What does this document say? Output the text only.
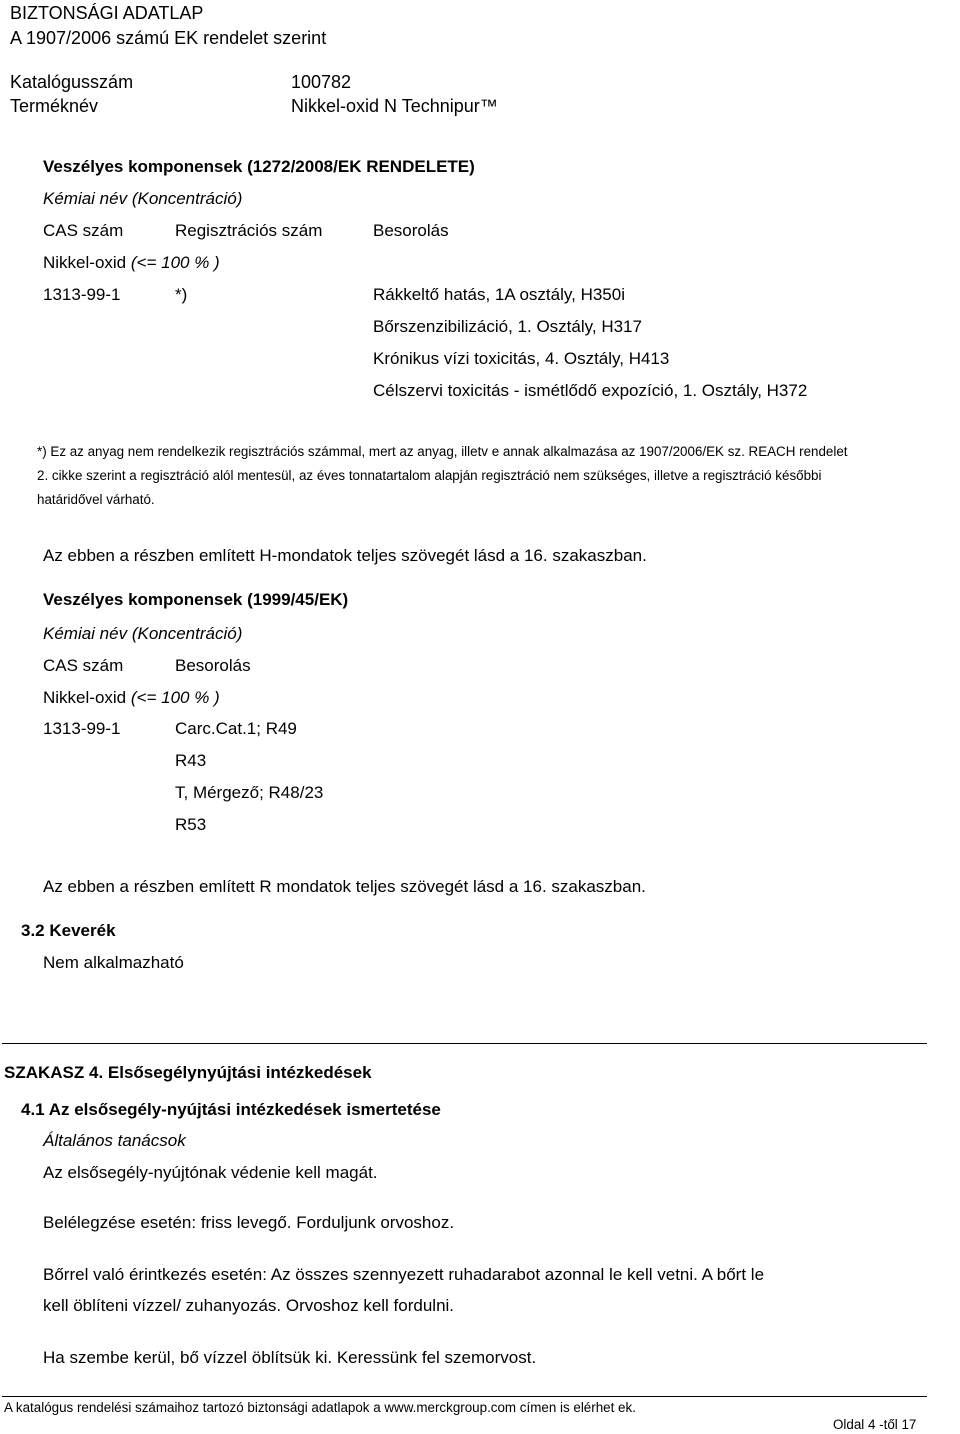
BIZTONSÁGI ADATLAP
A 1907/2006 számú EK rendelet szerint
Katalógusszám	100782
Terméknév	Nikkel-oxid N Technipur™
Veszélyes komponensek (1272/2008/EK RENDELETE)
Kémiai név (Koncentráció)
CAS szám	Regisztrációs szám	Besorolás
Nikkel-oxid (<= 100 % )
1313-99-1	*)	Rákkeltő hatás, 1A osztály, H350i
Bőrszenzibilizáció, 1. Osztály, H317
Krónikus vízi toxicitás, 4. Osztály, H413
Célszervi toxicitás - ismétlődő expozíció, 1. Osztály, H372
*) Ez az anyag nem rendelkezik regisztrációs számmal, mert az anyag, illetv e annak alkalmazása az 1907/2006/EK sz. REACH rendelet
2. cikke szerint a regisztráció alól mentesül, az éves tonnatartalom alapján regisztráció nem szükséges, illetve a regisztráció későbbi
határidővel várható.
Az ebben a részben említett H-mondatok teljes szövegét lásd a 16. szakaszban.
Veszélyes komponensek (1999/45/EK)
Kémiai név (Koncentráció)
CAS szám	Besorolás
Nikkel-oxid (<= 100 % )
1313-99-1	Carc.Cat.1; R49
R43
T, Mérgező; R48/23
R53
Az ebben a részben említett R mondatok teljes szövegét lásd a 16. szakaszban.
3.2 Keverék
Nem alkalmazható
SZAKASZ 4. Elsősegélynyújtási intézkedések
4.1 Az elsősegély-nyújtási intézkedések ismertetése
Általános tanácsok
Az elsősegély-nyújtónak védenie kell magát.
Belélegzése esetén: friss levegő. Forduljunk orvoshoz.
Bőrrel való érintkezés esetén: Az összes szennyezett ruhadarabot azonnal le kell vetni. A bőrt le
kell öblíteni vízzel/ zuhanyozás. Orvoshoz kell fordulni.
Ha szembe kerül, bő vízzel öblítsük ki. Keressünk fel szemorvost.
A katalógus rendelési számaihoz tartozó biztonsági adatlapok a www.merckgroup.com címen is elérhet ek.
Oldal 4 -től 17
